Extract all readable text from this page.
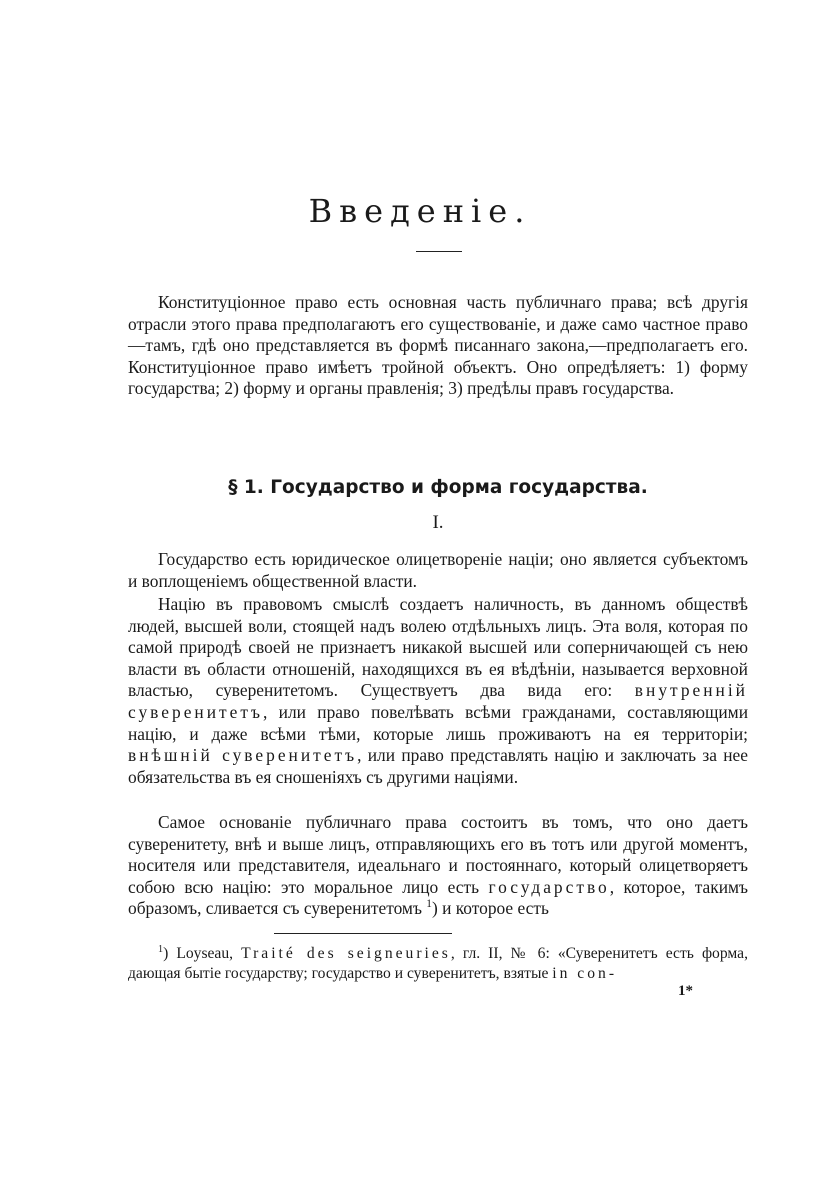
Введеніе.

Конституціонное право есть основная часть публичнаго права; всѣ другія отрасли этого права предполагаютъ его существованіе, и даже само частное право—тамъ, гдѣ оно представляется въ формѣ писаннаго закона,—предполагаетъ его. Конституціонное право имѣетъ тройной объектъ. Оно опредѣляетъ: 1) форму государства; 2) форму и органы правленія; 3) предѣлы правъ государства.

§ 1. Государство и форма государства.
I.

Государство есть юридическое олицетвореніе націи; оно является субъектомъ и воплощеніемъ общественной власти.

Націю въ правовомъ смыслѣ создаетъ наличность, въ данномъ обществѣ людей, высшей воли, стоящей надъ волею отдѣльныхъ лицъ. Эта воля, которая по самой природѣ своей не признаетъ никакой высшей или соперничающей съ нею власти въ области отношеній, находящихся въ ея вѣдѣніи, называется верховной властью, суверенитетомъ. Существуетъ два вида его: внутренній суверенитетъ, или право повелѣвать всѣми гражданами, составляющими націю, и даже всѣми тѣми, которые лишь проживаютъ на ея территоріи; внѣшній суверенитетъ, или право представлять націю и заключать за нее обязательства въ ея сношеніяхъ съ другими націями.

Самое основаніе публичнаго права состоитъ въ томъ, что оно даетъ суверенитету, внѣ и выше лицъ, отправляющихъ его въ тотъ или другой моментъ, носителя или представителя, идеальнаго и постояннаго, который олицетворяетъ собою всю націю: это моральное лицо есть государство, которое, такимъ образомъ, сливается съ суверенитетомъ $^1$) и которое есть

$^1$) Loyseau, Traité des seigneuries, гл. II, № 6: «Суверенитетъ есть форма, дающая бытіе государству; государство и суверенитетъ, взятые in con-

1*
